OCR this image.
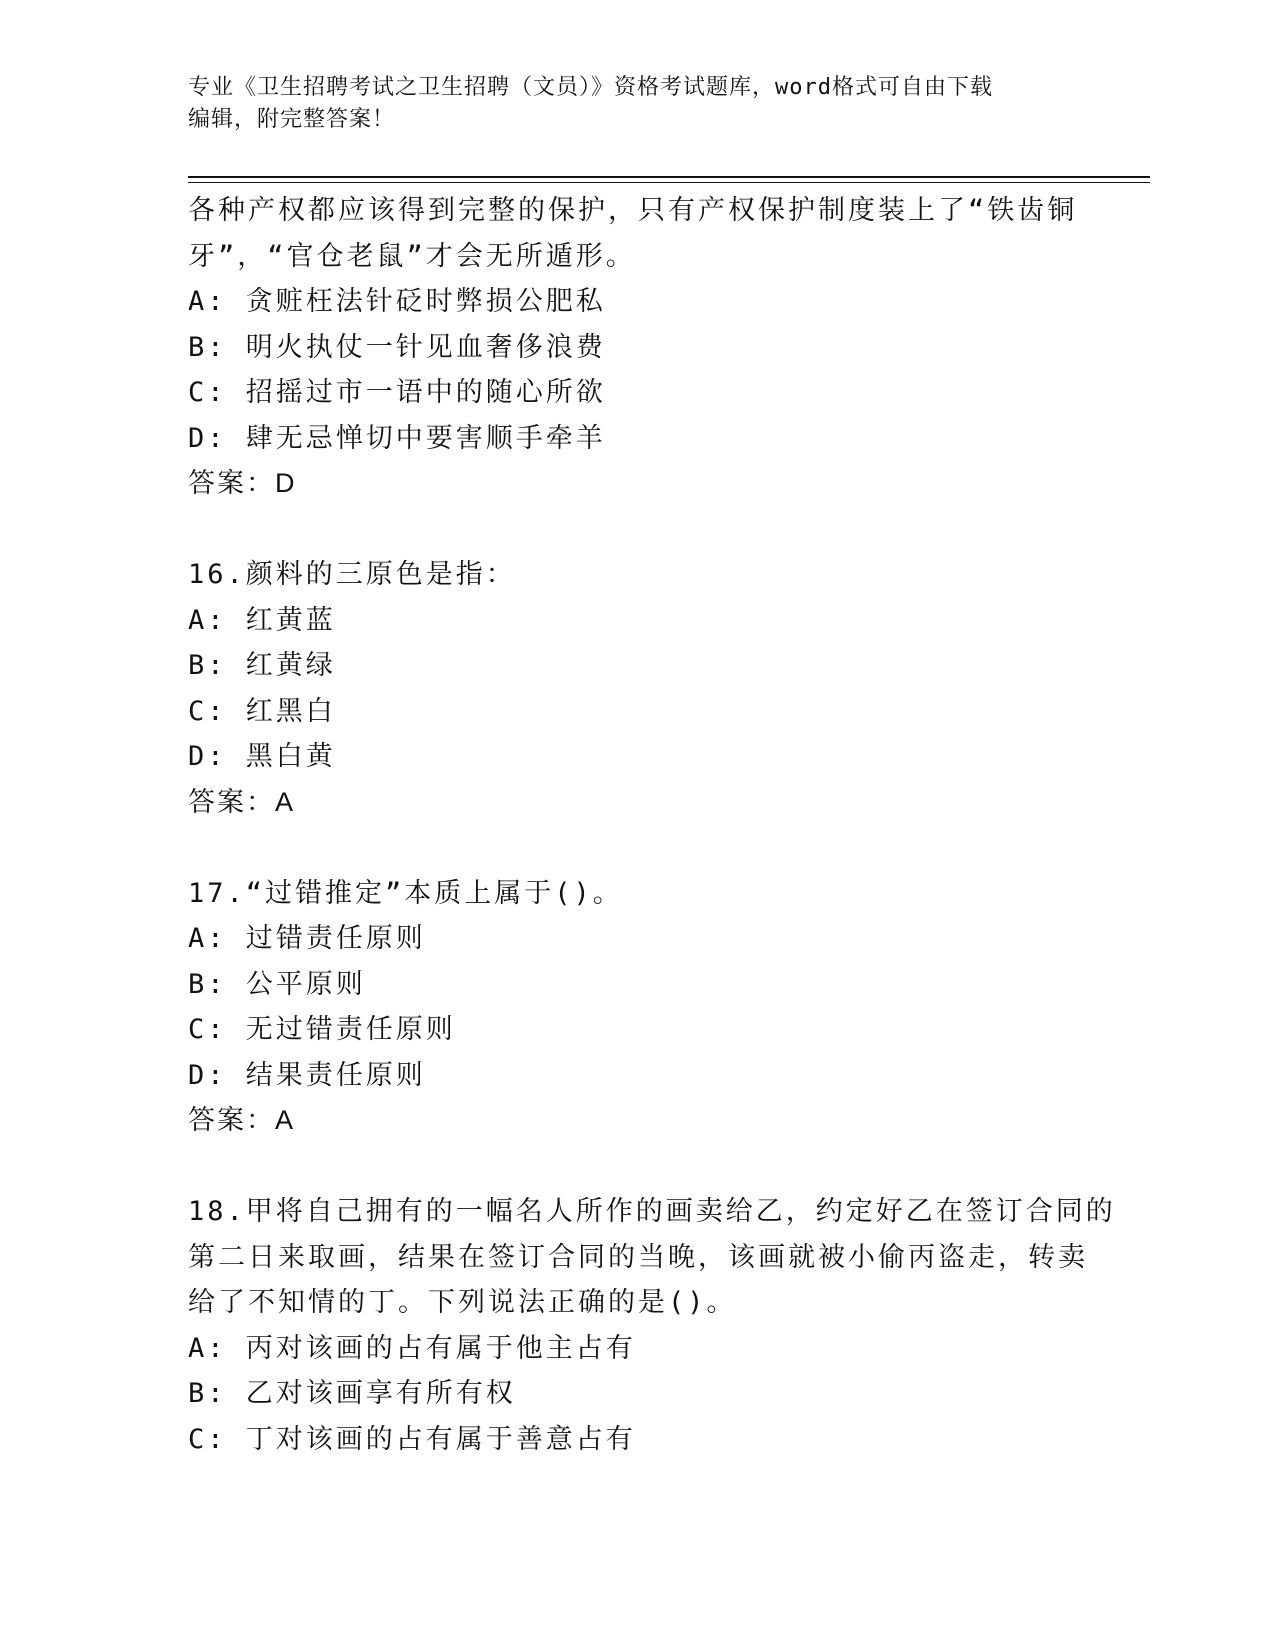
专业《卫生招聘考试之卫生招聘（文员）》资格考试题库，word格式可自由下载
编辑，附完整答案！
各种产权都应该得到完整的保护，只有产权保护制度装上了“铁齿铜
牙”，“官仓老鼠”才会无所遁形。
A: 贪赃枉法针砭时弊损公肥私
B: 明火执仗一针见血奢侈浪费
C: 招摇过市一语中的随心所欲
D: 肆无忌惮切中要害顺手牵羊
答案：D
16.颜料的三原色是指：
A: 红黄蓝
B: 红黄绿
C: 红黑白
D: 黑白黄
答案：A
17.“过错推定”本质上属于()。
A: 过错责任原则
B: 公平原则
C: 无过错责任原则
D: 结果责任原则
答案：A
18.甲将自己拥有的一幅名人所作的画卖给乙，约定好乙在签订合同的
第二日来取画，结果在签订合同的当晚，该画就被小偷丙盗走，转卖
给了不知情的丁。下列说法正确的是()。
A: 丙对该画的占有属于他主占有
B: 乙对该画享有所有权
C: 丁对该画的占有属于善意占有
